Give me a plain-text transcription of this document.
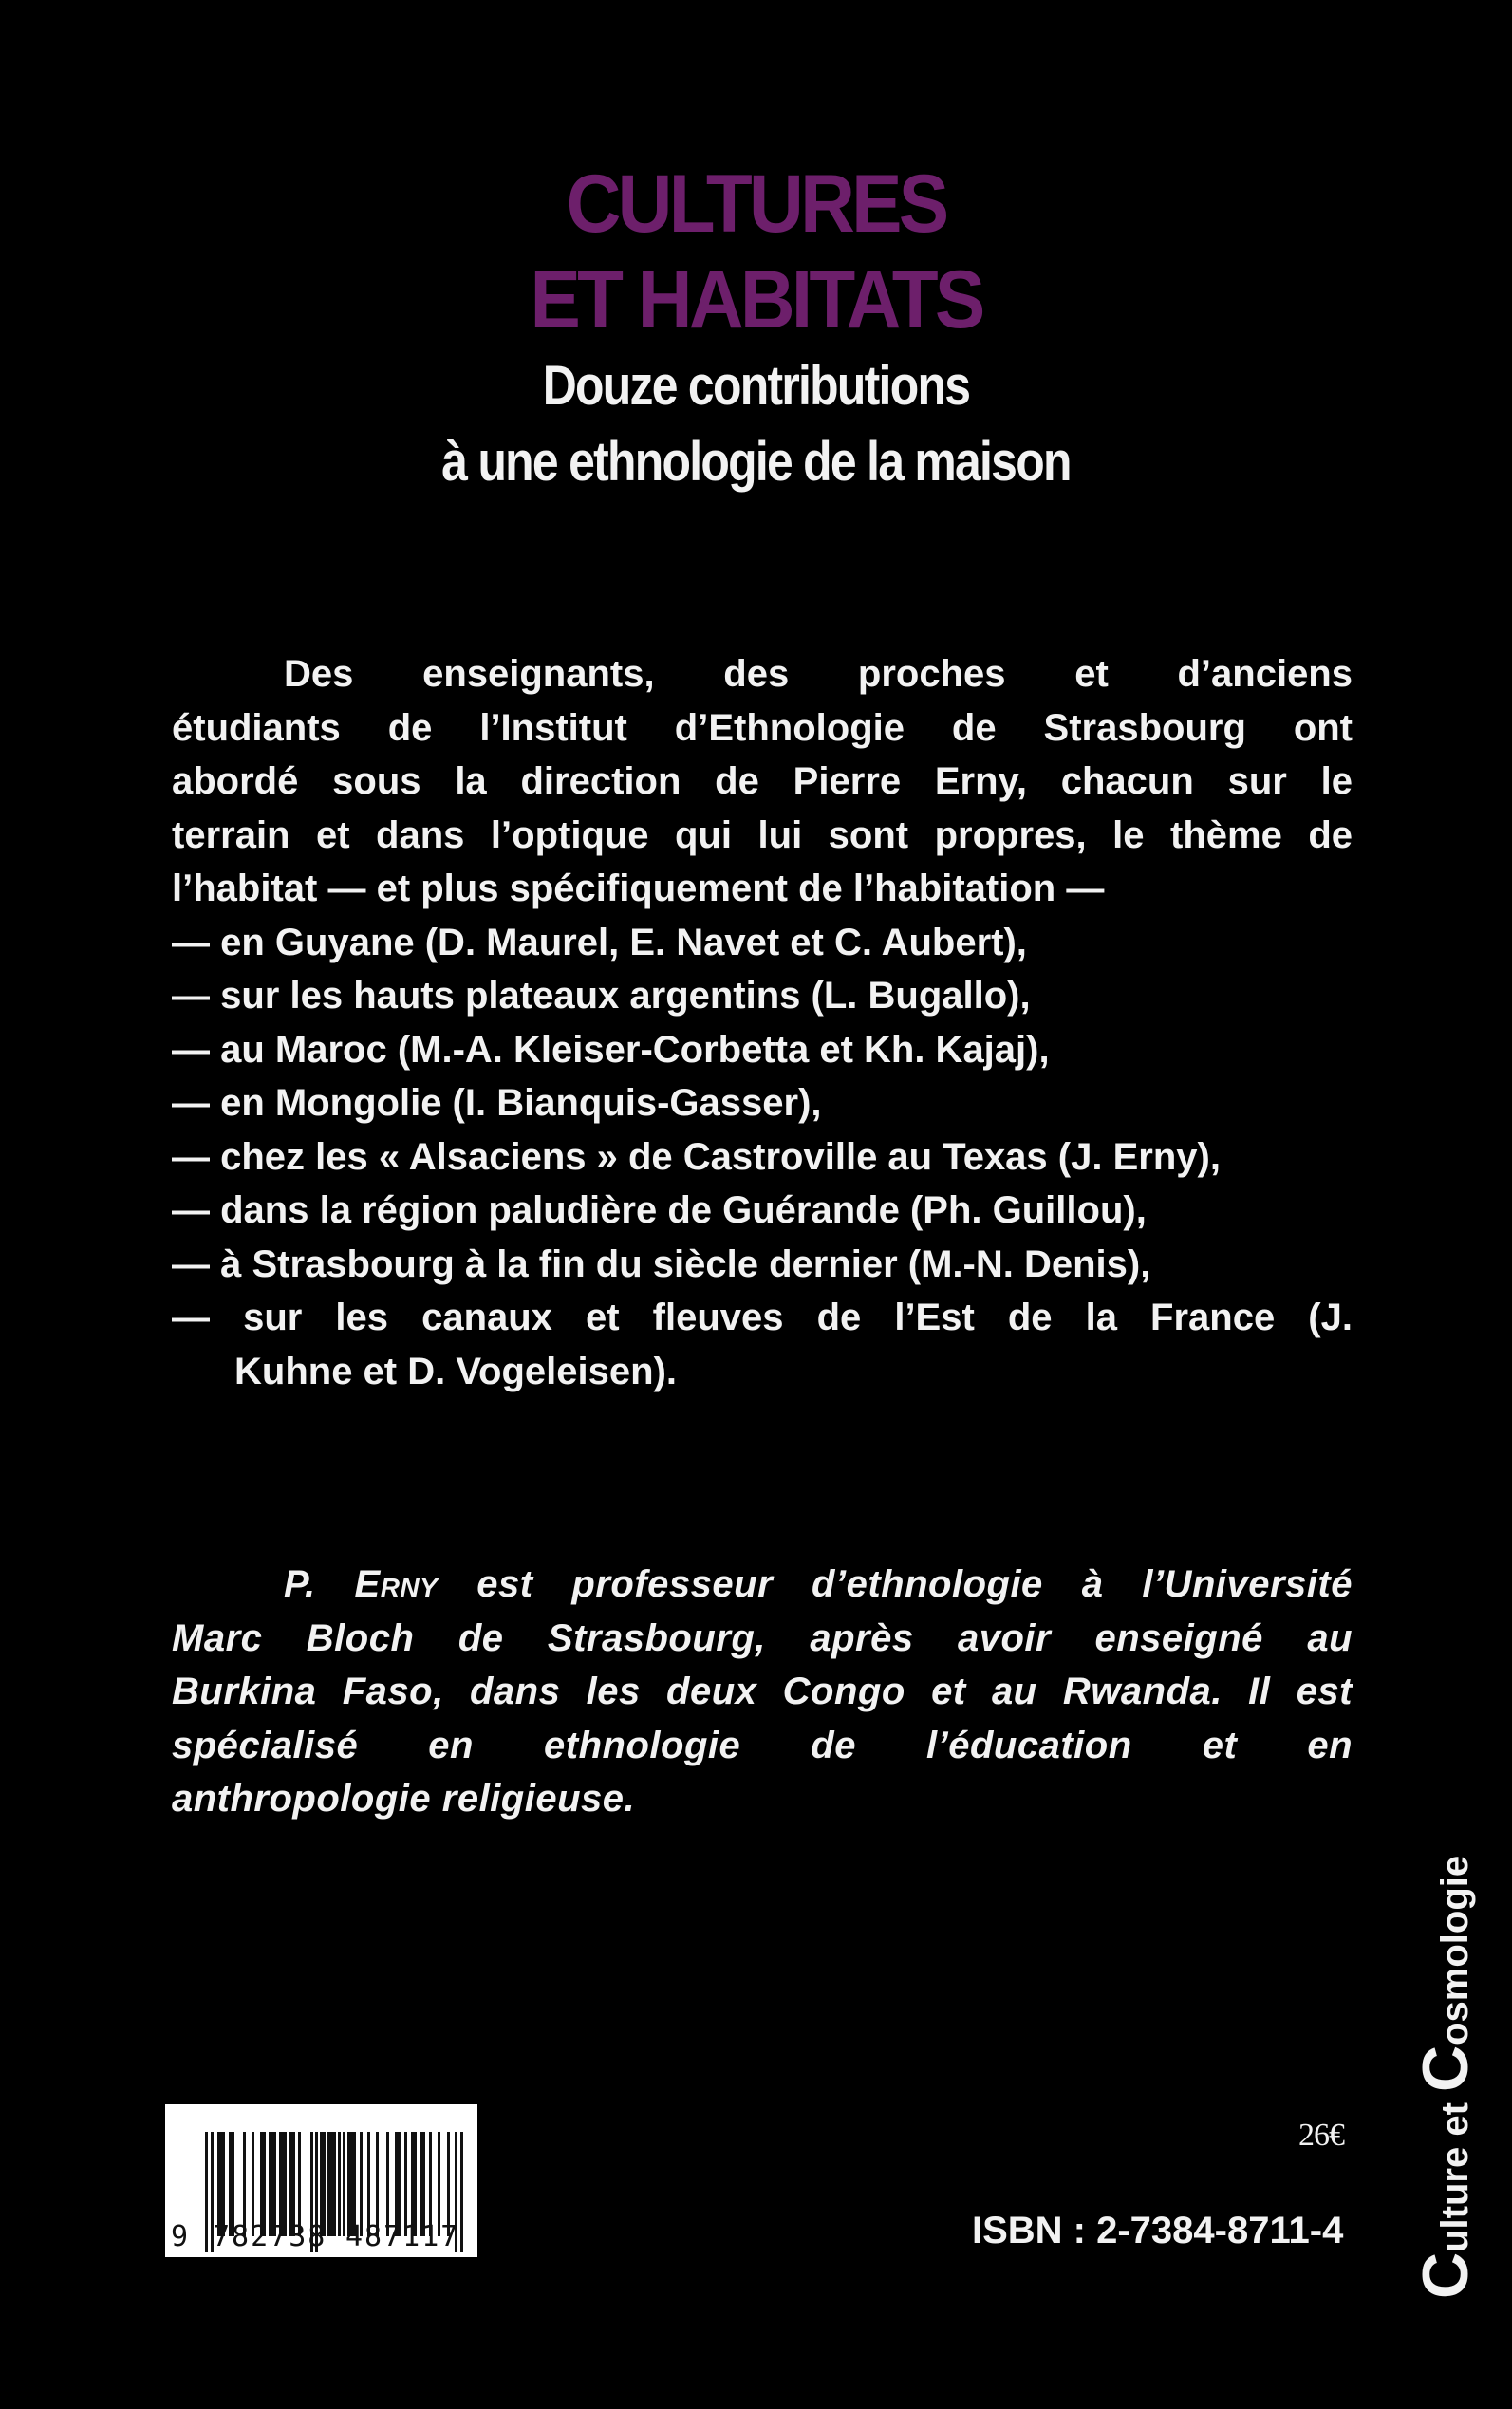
CULTURES
ET HABITATS
Douze contributions
à une ethnologie de la maison
Des enseignants, des proches et d’anciens
étudiants de l’Institut d’Ethnologie de Strasbourg ont
abordé sous la direction de Pierre Erny, chacun sur le
terrain et dans l’optique qui lui sont propres, le thème de
l’habitat — et plus spécifiquement de l’habitation —
— en Guyane (D. Maurel, E. Navet et C. Aubert),
— sur les hauts plateaux argentins (L. Bugallo),
— au Maroc (M.-A. Kleiser-Corbetta et Kh. Kajaj),
— en Mongolie (I. Bianquis-Gasser),
— chez les « Alsaciens » de Castroville au Texas (J. Erny),
— dans la région paludière de Guérande (Ph. Guillou),
— à Strasbourg à la fin du siècle dernier (M.-N. Denis),
— sur les canaux et fleuves de l’Est de la France (J.
Kuhne et D. Vogeleisen).
P. Erny est professeur d’ethnologie à l’Université
Marc Bloch de Strasbourg, après avoir enseigné au
Burkina Faso, dans les deux Congo et au Rwanda. Il est
spécialisé en ethnologie de l’éducation et en
anthropologie religieuse.
9 782738 487117
26€
ISBN : 2-7384-8711-4
Culture et Cosmologie
